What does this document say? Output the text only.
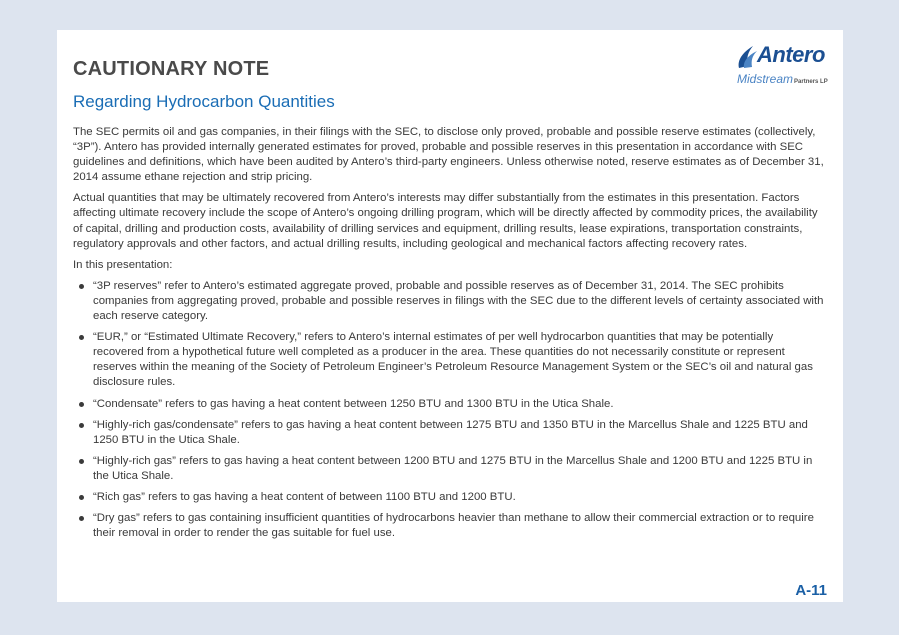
CAUTIONARY NOTE
Regarding Hydrocarbon Quantities
Antero
MidstreamPartners LP

The SEC permits oil and gas companies, in their filings with the SEC, to disclose only proved, probable and possible reserve estimates (collectively, “3P”). Antero has provided internally generated estimates for proved, probable and possible reserves in this presentation in accordance with SEC guidelines and definitions, which have been audited by Antero’s third-party engineers. Unless otherwise noted, reserve estimates as of December 31, 2014 assume ethane rejection and strip pricing.

Actual quantities that may be ultimately recovered from Antero’s interests may differ substantially from the estimates in this presentation. Factors affecting ultimate recovery include the scope of Antero’s ongoing drilling program, which will be directly affected by commodity prices, the availability of capital, drilling and production costs, availability of drilling services and equipment, drilling results, lease expirations, transportation constraints, regulatory approvals and other factors, and actual drilling results, including geological and mechanical factors affecting recovery rates.

In this presentation:

“3P reserves” refer to Antero’s estimated aggregate proved, probable and possible reserves as of December 31, 2014. The SEC prohibits companies from aggregating proved, probable and possible reserves in filings with the SEC due to the different levels of certainty associated with each reserve category.
“EUR,” or “Estimated Ultimate Recovery,” refers to Antero’s internal estimates of per well hydrocarbon quantities that may be potentially recovered from a hypothetical future well completed as a producer in the area. These quantities do not necessarily constitute or represent reserves within the meaning of the Society of Petroleum Engineer’s Petroleum Resource Management System or the SEC’s oil and natural gas disclosure rules.
“Condensate” refers to gas having a heat content between 1250 BTU and 1300 BTU in the Utica Shale.
“Highly-rich gas/condensate” refers to gas having a heat content between 1275 BTU and 1350 BTU in the Marcellus Shale and 1225 BTU and 1250 BTU in the Utica Shale.
“Highly-rich gas” refers to gas having a heat content between 1200 BTU and 1275 BTU in the Marcellus Shale and 1200 BTU and 1225 BTU in the Utica Shale.
“Rich gas” refers to gas having a heat content of between 1100 BTU and 1200 BTU.
“Dry gas” refers to gas containing insufficient quantities of hydrocarbons heavier than methane to allow their commercial extraction or to require their removal in order to render the gas suitable for fuel use.
A-11
